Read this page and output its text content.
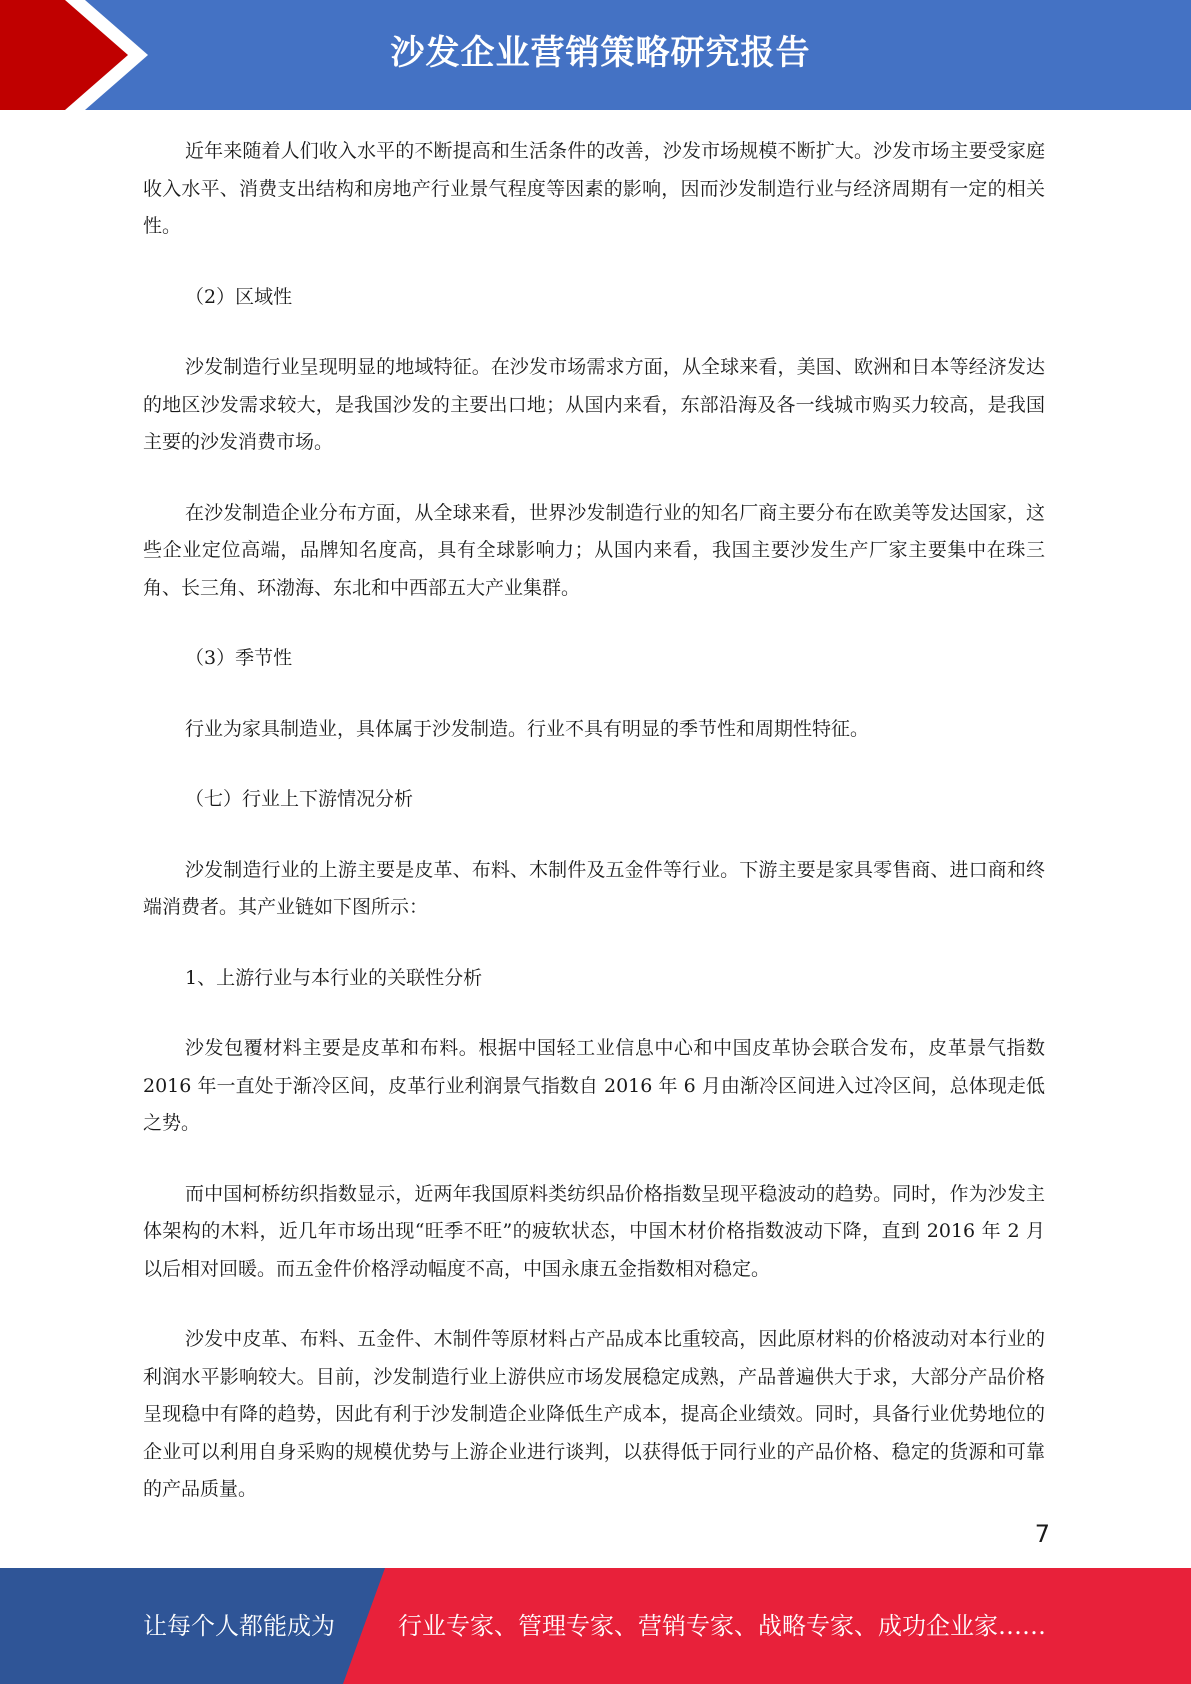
沙发企业营销策略研究报告

近年来随着人们收入水平的不断提高和生活条件的改善，沙发市场规模不断扩大。沙发市场主要受家庭收入水平、消费支出结构和房地产行业景气程度等因素的影响，因而沙发制造行业与经济周期有一定的相关性。

（2）区域性

沙发制造行业呈现明显的地域特征。在沙发市场需求方面，从全球来看，美国、欧洲和日本等经济发达的地区沙发需求较大，是我国沙发的主要出口地；从国内来看，东部沿海及各一线城市购买力较高，是我国主要的沙发消费市场。

在沙发制造企业分布方面，从全球来看，世界沙发制造行业的知名厂商主要分布在欧美等发达国家，这些企业定位高端，品牌知名度高，具有全球影响力；从国内来看，我国主要沙发生产厂家主要集中在珠三角、长三角、环渤海、东北和中西部五大产业集群。

（3）季节性

行业为家具制造业，具体属于沙发制造。行业不具有明显的季节性和周期性特征。

（七）行业上下游情况分析

沙发制造行业的上游主要是皮革、布料、木制件及五金件等行业。下游主要是家具零售商、进口商和终端消费者。其产业链如下图所示：

1、上游行业与本行业的关联性分析

沙发包覆材料主要是皮革和布料。根据中国轻工业信息中心和中国皮革协会联合发布，皮革景气指数 2016 年一直处于渐冷区间，皮革行业利润景气指数自 2016 年 6 月由渐冷区间进入过冷区间，总体现走低之势。

而中国柯桥纺织指数显示，近两年我国原料类纺织品价格指数呈现平稳波动的趋势。同时，作为沙发主体架构的木料，近几年市场出现“旺季不旺”的疲软状态，中国木材价格指数波动下降，直到 2016 年 2 月以后相对回暖。而五金件价格浮动幅度不高，中国永康五金指数相对稳定。

沙发中皮革、布料、五金件、木制件等原材料占产品成本比重较高，因此原材料的价格波动对本行业的利润水平影响较大。目前，沙发制造行业上游供应市场发展稳定成熟，产品普遍供大于求，大部分产品价格呈现稳中有降的趋势，因此有利于沙发制造企业降低生产成本，提高企业绩效。同时，具备行业优势地位的企业可以利用自身采购的规模优势与上游企业进行谈判，以获得低于同行业的产品价格、稳定的货源和可靠的产品质量。

7
让每个人都能成为	行业专家、管理专家、营销专家、战略专家、成功企业家……
